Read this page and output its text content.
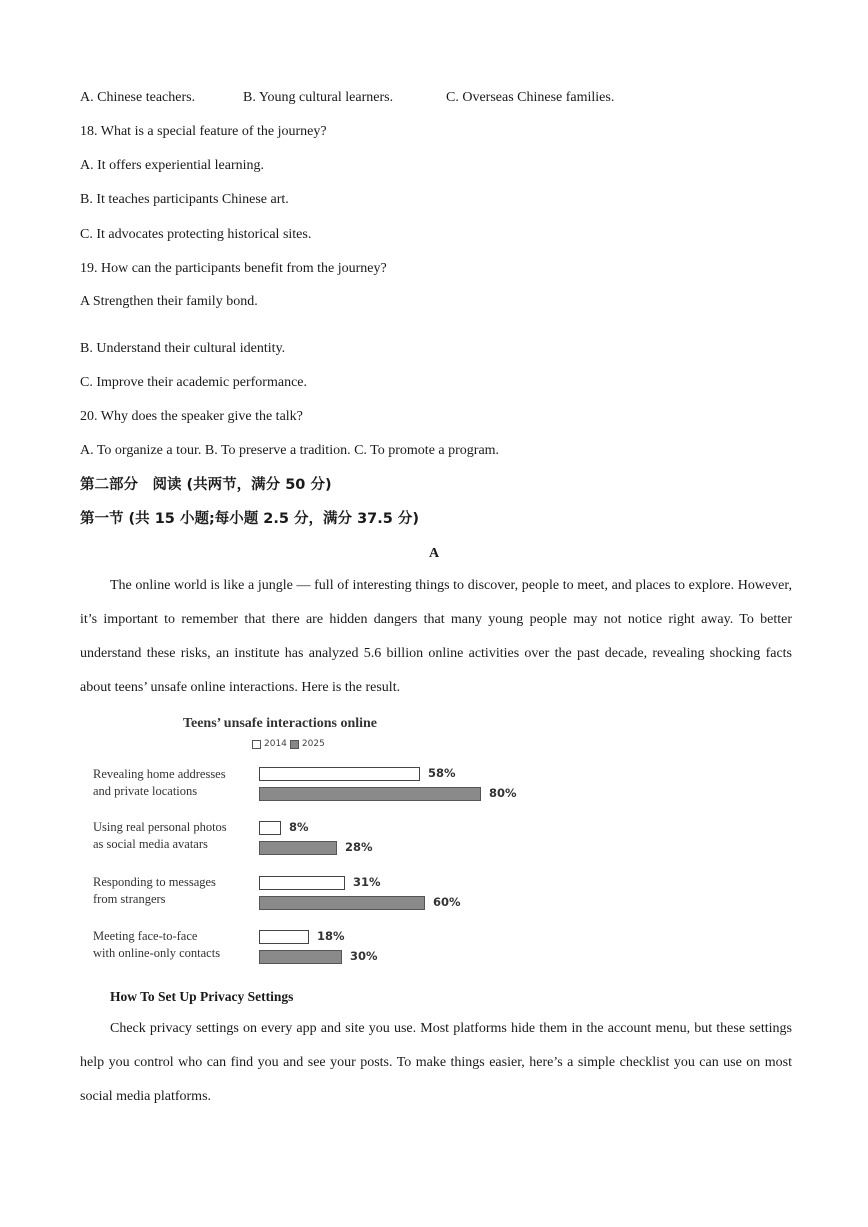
A. Chinese teachers.	B. Young cultural learners.	C. Overseas Chinese families.
18. What is a special feature of the journey?
A. It offers experiential learning.
B. It teaches participants Chinese art.
C. It advocates protecting historical sites.
19. How can the participants benefit from the journey?
A Strengthen their family bond.
B. Understand their cultural identity.
C. Improve their academic performance.
20. Why does the speaker give the talk?
A. To organize a tour. B. To preserve a tradition. C. To promote a program.
第二部分　阅读 (共两节，满分 50 分)
第一节 (共 15 小题;每小题 2.5 分，满分 37.5 分)
A

The online world is like a jungle — full of interesting things to discover, people to meet, and places to explore. However, it’s important to remember that there are hidden dangers that many young people may not notice right away. To better understand these risks, an institute has analyzed 5.6 billion online activities over the past decade, revealing shocking facts about teens’ unsafe online interactions. Here is the result.

Teens’ unsafe interactions online
2014 2025
Revealing home addresses
and private locations
Using real personal photos
as social media avatars
Responding to messages
from strangers
Meeting face-to-face
with online-only contacts
58%
8%
31%
18%
80%
28%
60%
30%
How To Set Up Privacy Settings

Check privacy settings on every app and site you use. Most platforms hide them in the account menu, but these settings help you control who can find you and see your posts. To make things easier, here’s a simple checklist you can use on most social media platforms.
